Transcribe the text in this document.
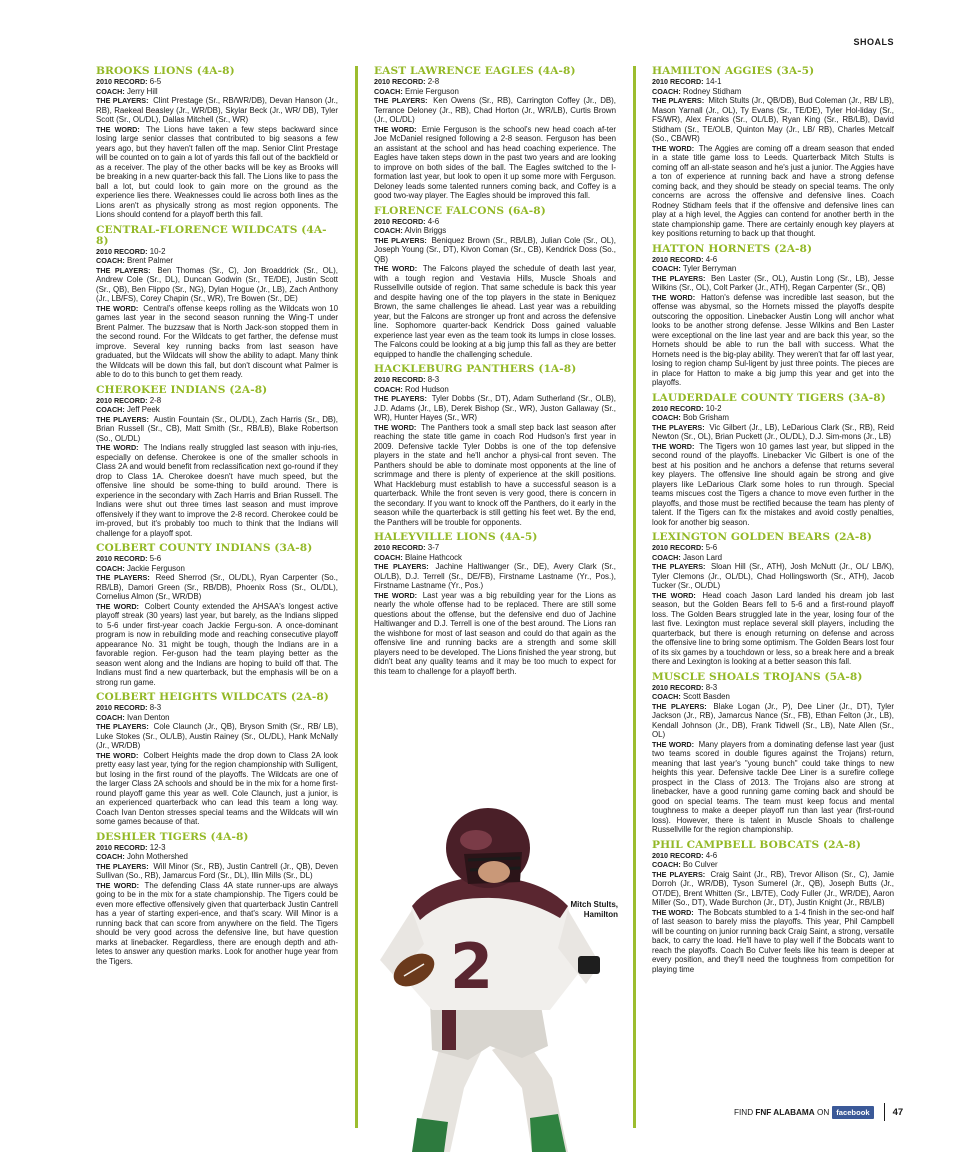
SHOALS
BROOKS LIONS (4A-8)
2010 RECORD: 6-5
COACH: Jerry Hill
THE PLAYERS: Clint Prestage (Sr., RB/WR/DB), Devan Hanson (Jr., RB), Raekeal Beasley (Jr., WR/DB), Skylar Beck (Jr., WR/ DB), Tyler Scott (Sr., OL/DL), Dallas Mitchell (Sr., WR)
THE WORD: The Lions have taken a few steps backward since losing large senior classes that contributed to big seasons a few years ago, but they haven't fallen off the map. Senior Clint Prestage will be counted on to gain a lot of yards this fall out of the backfield or as a receiver. The play of the other backs will be key as Brooks will be breaking in a new quarter-back this fall. The Lions like to pass the ball a lot, but could look to gain more on the ground as the experience lies there. Weaknesses could lie across both lines as the Lions aren't as physically strong as most region opponents. The Lions should contend for a playoff berth this fall.
CENTRAL-FLORENCE WILDCATS (4A-8)
2010 RECORD: 10-2
COACH: Brent Palmer
THE PLAYERS: Ben Thomas (Sr., C), Jon Broaddrick (Sr., OL), Andrew Cole (Sr., DL), Duncan Godwin (Sr., TE/DE), Justin Scott (Sr., QB), Ben Flippo (Sr., NG), Dylan Hogue (Jr., LB), Zach Anthony (Jr., LB/FS), Corey Chapin (Sr., WR), Tre Bowen (Sr., DE)
THE WORD: Central's offense keeps rolling as the Wildcats won 10 games last year in the second season running the Wing-T under Brent Palmer. The buzzsaw that is North Jack-son stopped them in the second round. For the Wildcats to get farther, the defense must improve. Several key running backs from last season have graduated, but the Wildcats will show the ability to adapt. Many think the Wildcats will be down this fall, but don't discount what Palmer is able to do to this bunch to get them ready.
CHEROKEE INDIANS (2A-8)
2010 RECORD: 2-8
COACH: Jeff Peek
THE PLAYERS: Austin Fountain (Sr., OL/DL), Zach Harris (Sr., DB), Brian Russell (Sr., CB), Matt Smith (Sr., RB/LB), Blake Robertson (So., OL/DL)
THE WORD: The Indians really struggled last season with inju-ries, especially on defense. Cherokee is one of the smaller schools in Class 2A and would benefit from reclassification next go-round if they drop to Class 1A. Cherokee doesn't have much speed, but the offensive line should be some-thing to build around. There is experience in the secondary with Zach Harris and Brian Russell. The Indians were shut out three times last season and must improve offensively if they want to improve the 2-8 record. Cherokee could be im-proved, but it's probably too much to think that the Indians will challenge for a playoff spot.
COLBERT COUNTY INDIANS (3A-8)
2010 RECORD: 5-6
COACH: Jackie Ferguson
THE PLAYERS: Reed Sherrod (Sr., OL/DL), Ryan Carpenter (So., RB/LB), Damori Green (Sr., RB/DB), Phoenix Ross (Sr., OL/DL), Cornelius Almon (Sr., WR/DB)
THE WORD: Colbert County extended the AHSAA's longest active playoff streak (30 years) last year, but barely, as the Indians slipped to 5-6 under first-year coach Jackie Fergu-son. A once-dominant program is now in rebuilding mode and reaching consecutive playoff appearance No. 31 might be tough, though the Indians are in a favorable region. Fer-guson had the team playing better as the season went along and the Indians are hoping to build off that. The Indians must find a new quarterback, but the emphasis will be on a strong run game.
COLBERT HEIGHTS WILDCATS (2A-8)
2010 RECORD: 8-3
COACH: Ivan Denton
THE PLAYERS: Cole Claunch (Jr., QB), Bryson Smith (Sr., RB/ LB), Luke Stokes (Sr., OL/LB), Austin Rainey (Sr., OL/DL), Hank McNally (Jr., WR/DB)
THE WORD: Colbert Heights made the drop down to Class 2A look pretty easy last year, tying for the region championship with Sulligent, but losing in the first round of the playoffs. The Wildcats are one of the larger Class 2A schools and should be in the mix for a home first-round playoff game this year as well. Cole Claunch, just a junior, is an experienced quarterback who can lead this team a long way. Coach Ivan Denton stresses special teams and the Wildcats will win some games because of that.
DESHLER TIGERS (4A-8)
2010 RECORD: 12-3
COACH: John Mothershed
THE PLAYERS: Will Minor (Sr., RB), Justin Cantrell (Jr., QB), Deven Sullivan (So., RB), Jamarcus Ford (Sr., DL), Illin Mills (Sr., DL)
THE WORD: The defending Class 4A state runner-ups are always going to be in the mix for a state championship. The Tigers could be even more effective offensively given that quarterback Justin Cantrell has a year of starting experi-ence, and that's scary. Will Minor is a running back that can score from anywhere on the field. The Tigers should be very good across the defensive line, but have question marks at linebacker. Regardless, there are enough depth and ath-letes to answer any question marks. Look for another huge year from the Tigers.
EAST LAWRENCE EAGLES (4A-8)
2010 RECORD: 2-8
COACH: Ernie Ferguson
THE PLAYERS: Ken Owens (Sr., RB), Carrington Coffey (Jr., DB), Terrance Deloney (Jr., RB), Chad Horton (Jr., WR/LB), Curtis Brown (Jr., OL/DL)
THE WORD: Ernie Ferguson is the school's new head coach af-ter Joe McDaniel resigned following a 2-8 season. Ferguson has been an assistant at the school and has head coaching experience. The Eagles have taken steps down in the past two years and are looking to improve on both sides of the ball. The Eagles switched to the I-formation last year, but look to open it up some more with Ferguson. Deloney leads some talented runners coming back, and Coffey is a good two-way player. The Eagles should be improved this fall.
FLORENCE FALCONS (6A-8)
2010 RECORD: 4-6
COACH: Alvin Briggs
THE PLAYERS: Beniquez Brown (Sr., RB/LB), Julian Cole (Sr., OL), Joseph Young (Sr., DT), Kivon Coman (Sr., CB), Kendrick Doss (So., QB)
THE WORD: The Falcons played the schedule of death last year, with a tough region and Vestavia Hills, Muscle Shoals and Russellville outside of region. That same schedule is back this year and despite having one of the top players in the state in Beniquez Brown, the same challenges lie ahead. Last year was a rebuilding year, but the Falcons are stronger up front and across the defensive line. Sophomore quarter-back Kendrick Doss gained valuable experience last year even as the team took its lumps in close losses. The Falcons could be looking at a big jump this fall as they are better equipped to handle the challenging schedule.
HACKLEBURG PANTHERS (1A-8)
2010 RECORD: 8-3
COACH: Rod Hudson
THE PLAYERS: Tyler Dobbs (Sr., DT), Adam Sutherland (Sr., OLB), J.D. Adams (Jr., LB), Derek Bishop (Sr., WR), Juston Gallaway (Sr., WR), Hunter Hayes (Sr., WR)
THE WORD: The Panthers took a small step back last season after reaching the state title game in coach Rod Hudson's first year in 2009. Defensive tackle Tyler Dobbs is one of the top defensive players in the state and he'll anchor a physi-cal front seven. The Panthers should be able to dominate most opponents at the line of scrimmage and there is plenty of experience at the skill positions. What Hackleburg must establish to have a successful season is a quarterback. While the front seven is very good, there is concern in the secondary. If you want to knock off the Panthers, do it early in the season while the quarterback is still getting his feet wet. By the end, the Panthers will be trouble for opponents.
HALEYVILLE LIONS (4A-5)
2010 RECORD: 3-7
COACH: Blaine Hathcock
THE PLAYERS: Jachine Haltiwanger (Sr., DE), Avery Clark (Sr., OL/LB), D.J. Terrell (Sr., DE/FB), Firstname Lastname (Yr., Pos.), Firstname Lastname (Yr., Pos.)
THE WORD: Last year was a big rebuilding year for the Lions as nearly the whole offense had to be replaced. There are still some questions about the offense, but the defensive end duo of Jachine Haltiwanger and D.J. Terrell is one of the best around. The Lions ran the wishbone for most of last season and could do that again as the offensive line and running backs are a strength and some skill players need to be developed. The Lions finished the year strong, but didn't beat any quality teams and it may be too much to expect for this team to challenge for a playoff berth.
HAMILTON AGGIES (3A-5)
2010 RECORD: 14-1
COACH: Rodney Stidham
THE PLAYERS: Mitch Stults (Jr., QB/DB), Bud Coleman (Jr., RB/ LB), Mason Yarnall (Jr., OL), Ty Evans (Sr., TE/DE), Tyler Hol-liday (Sr., FS/WR), Alex Franks (Sr., OL/LB), Ryan King (Sr., RB/LB), David Stidham (Sr., TE/OLB, Quinton May (Jr., LB/ RB), Charles Metcalf (So., CB/WR)
THE WORD: The Aggies are coming off a dream season that ended in a state title game loss to Leeds. Quarterback Mitch Stults is coming off an all-state season and he's just a junior. The Aggies have a ton of experience at running back and have a strong defense coming back, and they should be steady on special teams. The only concerns are across the offensive and defensive lines. Coach Rodney Stidham feels that if the offensive and defensive lines can play at a high level, the Aggies can contend for another berth in the state championship game. There are certainly enough key players at key positions returning to back up that thought.
HATTON HORNETS (2A-8)
2010 RECORD: 4-6
COACH: Tyler Berryman
THE PLAYERS: Ben Laster (Sr., OL), Austin Long (Sr., LB), Jesse Wilkins (Sr., OL), Colt Parker (Jr., ATH), Regan Carpenter (Sr., QB)
THE WORD: Hatton's defense was incredible last season, but the offense was abysmal, so the Hornets missed the playoffs despite outscoring the opposition. Linebacker Austin Long will anchor what looks to be another strong defense. Jesse Wilkins and Ben Laster were exceptional on the line last year and are back this year, so the Hornets should be able to run the ball with success. What the Hornets need is the big-play ability. They weren't that far off last year, losing to region champ Sul-ligent by just three points. The pieces are in place for Hatton to make a big jump this year and get into the playoffs.
LAUDERDALE COUNTY TIGERS (3A-8)
2010 RECORD: 10-2
COACH: Bob Grisham
THE PLAYERS: Vic Gilbert (Jr., LB), LeDarious Clark (Sr., RB), Reid Newton (Sr., OL), Brian Puckett (Jr., OL/DL), D.J. Sim-mons (Jr., LB)
THE WORD: The Tigers won 10 games last year, but slipped in the second round of the playoffs. Linebacker Vic Gilbert is one of the best at his position and he anchors a defense that returns several key players. The offensive line should again be strong and give players like LeDarious Clark some holes to run through. Special teams miscues cost the Tigers a chance to move even further in the playoffs, and those must be rectified because the team has plenty of talent. If the Tigers can fix the mistakes and avoid costly penalties, look for another big season.
LEXINGTON GOLDEN BEARS (2A-8)
2010 RECORD: 5-6
COACH: Jason Lard
THE PLAYERS: Sloan Hill (Sr., ATH), Josh McNutt (Jr., OL/ LB/K), Tyler Clemons (Jr., OL/DL), Chad Hollingsworth (Sr., ATH), Jacob Tucker (Sr., OL/DL)
THE WORD: Head coach Jason Lard landed his dream job last season, but the Golden Bears fell to 5-6 and a first-round playoff loss. The Golden Bears struggled late in the year, losing four of the last five. Lexington must replace several skill players, including the quarterback, but there is enough returning on defense and across the offensive line to bring some optimism. The Golden Bears lost four of its six games by a touchdown or less, so a break here and a break there and Lexington is looking at a better season this fall.
MUSCLE SHOALS TROJANS (5A-8)
2010 RECORD: 8-3
COACH: Scott Basden
THE PLAYERS: Blake Logan (Jr., P), Dee Liner (Jr., DT), Tyler Jackson (Jr., RB), Jamarcus Nance (Sr., FB), Ethan Felton (Jr., LB), Kendall Johnson (Jr., DB), Frank Tidwell (Sr., LB), Nate Allen (Sr., OL)
THE WORD: Many players from a dominating defense last year (just two teams scored in double figures against the Trojans) return, meaning that last year's "young bunch" could take things to new heights this year. Defensive tackle Dee Liner is a surefire college prospect in the Class of 2013. The Trojans also are strong at linebacker, have a good running game coming back and should be good on special teams. The team must keep focus and mental toughness to make a deeper playoff run than last year (first-round loss). However, there is talent in Muscle Shoals to challenge Russellville for the region championship.
PHIL CAMPBELL BOBCATS (2A-8)
2010 RECORD: 4-6
COACH: Bo Culver
THE PLAYERS: Craig Saint (Jr., RB), Trevor Allison (Sr., C), Jamie Dorroh (Jr., WR/DB), Tyson Sumerel (Jr., QB), Joseph Butts (Jr., OT/DE), Brent Whitten (Sr., LB/TE), Cody Fuller (Jr., WR/DE), Aaron Miller (So., DT), Wade Burchon (Jr., DT), Justin Knight (Jr., RB/LB)
THE WORD: The Bobcats stumbled to a 1-4 finish in the sec-ond half of last season to barely miss the playoffs. This year, Phil Campbell will be counting on junior running back Craig Saint, a strong, versatile back, to carry the load. He'll have to play well if the Bobcats want to reach the playoffs. Coach Bo Culver feels like his team is deeper at every position, and they'll need the toughness from competition for playing time
2
Mitch Stults,
Hamilton
FIND
FNF ALABAMA
ON facebook	47
